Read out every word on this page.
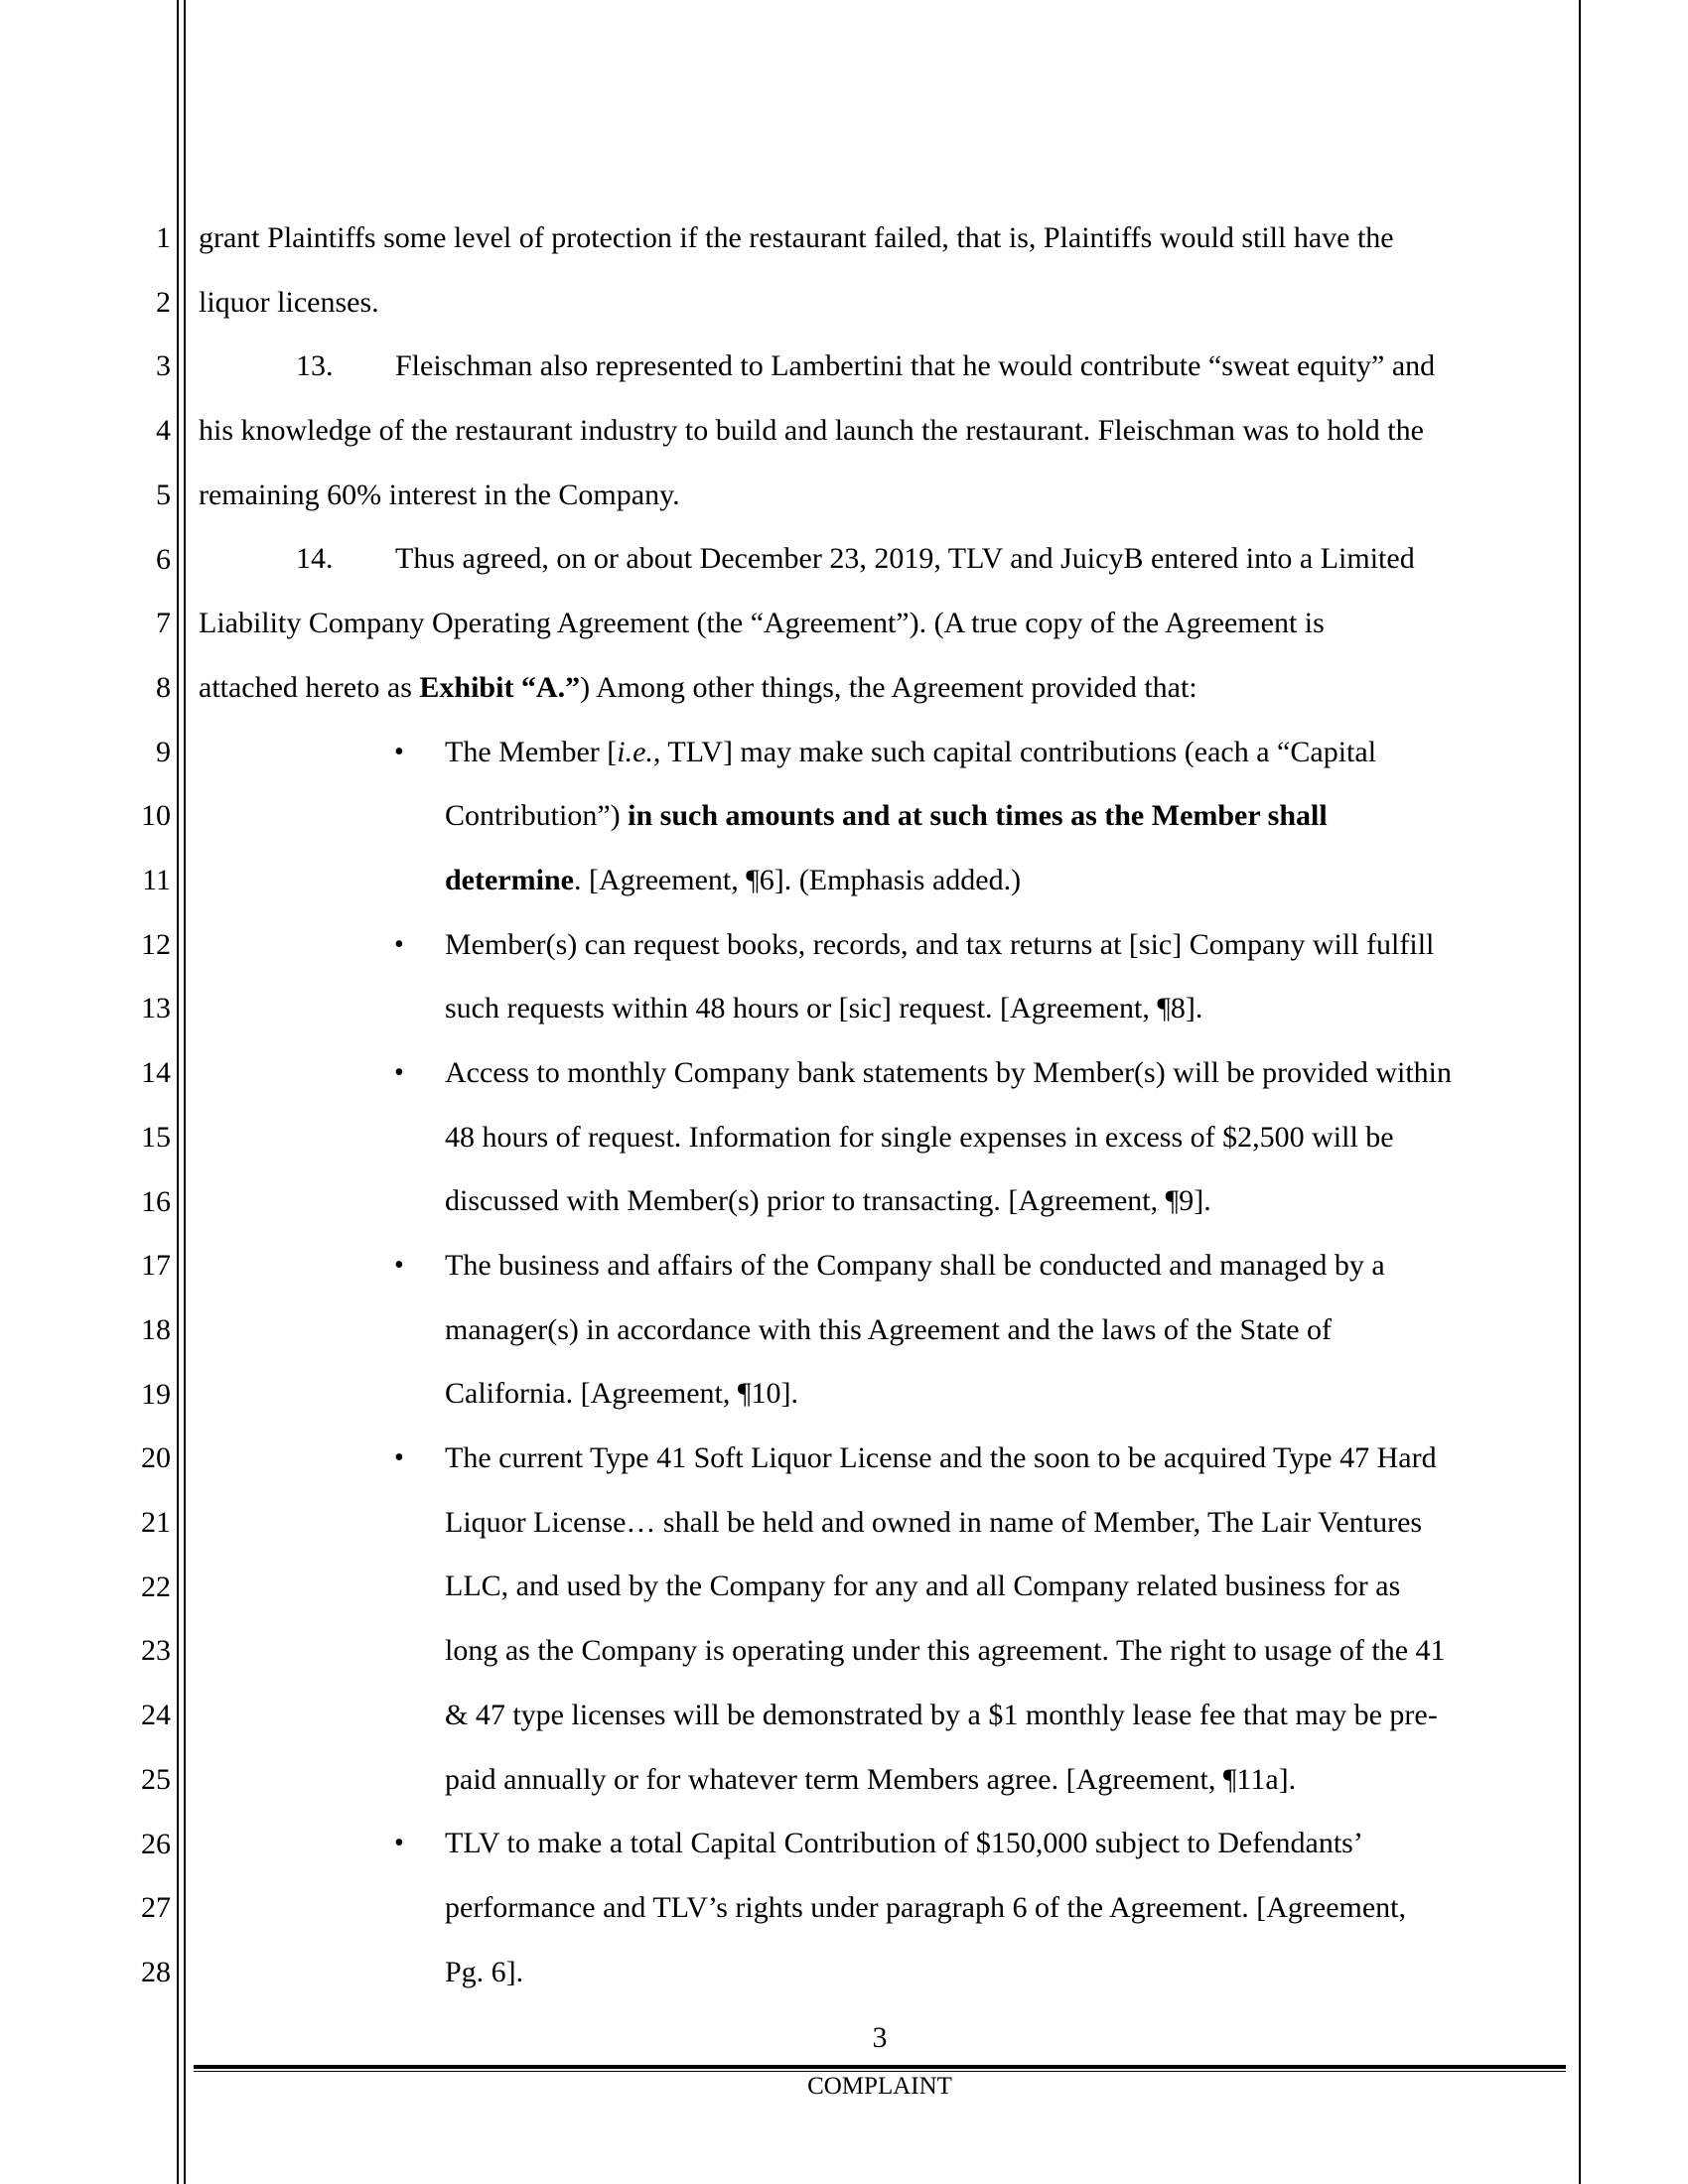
1
2
3
4
5
6
7
8
9
10
11
12
13
14
15
16
17
18
19
20
21
22
23
24
25
26
27
28
grant Plaintiffs some level of protection if the restaurant failed, that is, Plaintiffs would still have the
liquor licenses.
13. Fleischman also represented to Lambertini that he would contribute “sweat equity” and
his knowledge of the restaurant industry to build and launch the restaurant. Fleischman was to hold the
remaining 60% interest in the Company.
14. Thus agreed, on or about December 23, 2019, TLV and JuicyB entered into a Limited
Liability Company Operating Agreement (the “Agreement”). (A true copy of the Agreement is
attached hereto as Exhibit “A.”) Among other things, the Agreement provided that:
• The Member [i.e., TLV] may make such capital contributions (each a “Capital
Contribution”) in such amounts and at such times as the Member shall
determine. [Agreement, ¶6]. (Emphasis added.)
• Member(s) can request books, records, and tax returns at [sic] Company will fulfill
such requests within 48 hours or [sic] request. [Agreement, ¶8].
• Access to monthly Company bank statements by Member(s) will be provided within
48 hours of request. Information for single expenses in excess of $2,500 will be
discussed with Member(s) prior to transacting. [Agreement, ¶9].
• The business and affairs of the Company shall be conducted and managed by a
manager(s) in accordance with this Agreement and the laws of the State of
California. [Agreement, ¶10].
• The current Type 41 Soft Liquor License and the soon to be acquired Type 47 Hard
Liquor License… shall be held and owned in name of Member, The Lair Ventures
LLC, and used by the Company for any and all Company related business for as
long as the Company is operating under this agreement. The right to usage of the 41
& 47 type licenses will be demonstrated by a $1 monthly lease fee that may be pre-
paid annually or for whatever term Members agree. [Agreement, ¶11a].
• TLV to make a total Capital Contribution of $150,000 subject to Defendants’
performance and TLV’s rights under paragraph 6 of the Agreement. [Agreement,
Pg. 6].
3
COMPLAINT
